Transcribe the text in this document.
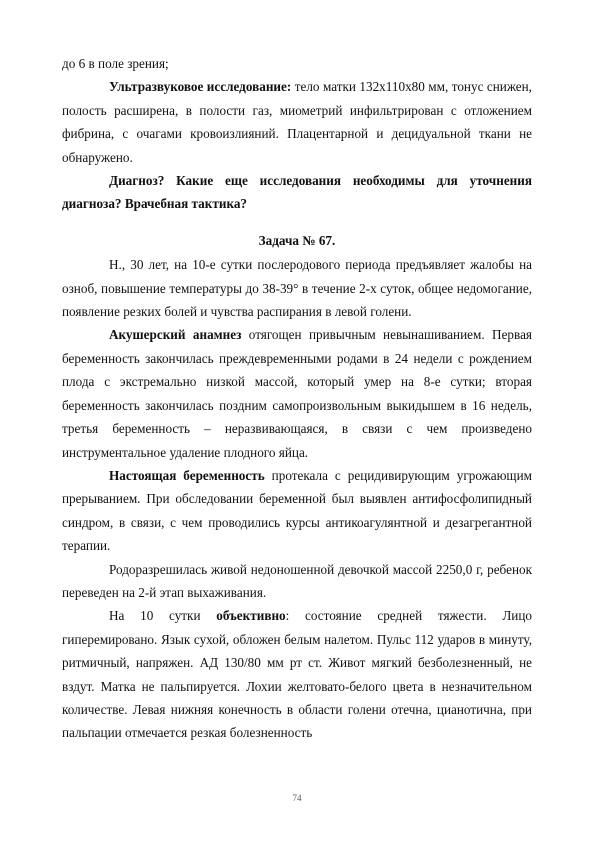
до 6 в поле зрения;

Ультразвуковое исследование: тело матки 132х110х80 мм, тонус снижен, полость расширена, в полости газ, миометрий инфильтрирован с отложением фибрина, с очагами кровоизлияний. Плацентарной и децидуальной ткани не обнаружено.

Диагноз? Какие еще исследования необходимы для уточнения диагноза? Врачебная тактика?

Задача № 67.

Н., 30 лет, на 10-е сутки послеродового периода предъявляет жалобы на озноб, повышение температуры до 38-39° в течение 2-х суток, общее недомогание, появление резких болей и чувства распирания в левой голени.

Акушерский анамнез отягощен привычным невынашиванием. Первая беременность закончилась преждевременными родами в 24 недели с рождением плода с экстремально низкой массой, который умер на 8-е сутки; вторая беременность закончилась поздним самопроизвольным выкидышем в 16 недель, третья беременность – неразвивающаяся, в связи с чем произведено инструментальное удаление плодного яйца.

Настоящая беременность протекала с рецидивирующим угрожающим прерыванием. При обследовании беременной был выявлен антифосфолипидный синдром, в связи, с чем проводились курсы антикоагулянтной и дезагрегантной терапии.

Родоразрешилась живой недоношенной девочкой массой 2250,0 г, ребенок переведен на 2-й этап выхаживания.

На 10 сутки объективно: состояние средней тяжести. Лицо гиперемировано. Язык сухой, обложен белым налетом. Пульс 112 ударов в минуту, ритмичный, напряжен. АД 130/80 мм рт ст. Живот мягкий безболезненный, не вздут. Матка не пальпируется. Лохии желтовато-белого цвета в незначительном количестве. Левая нижняя конечность в области голени отечна, цианотична, при пальпации отмечается резкая болезненность

74
